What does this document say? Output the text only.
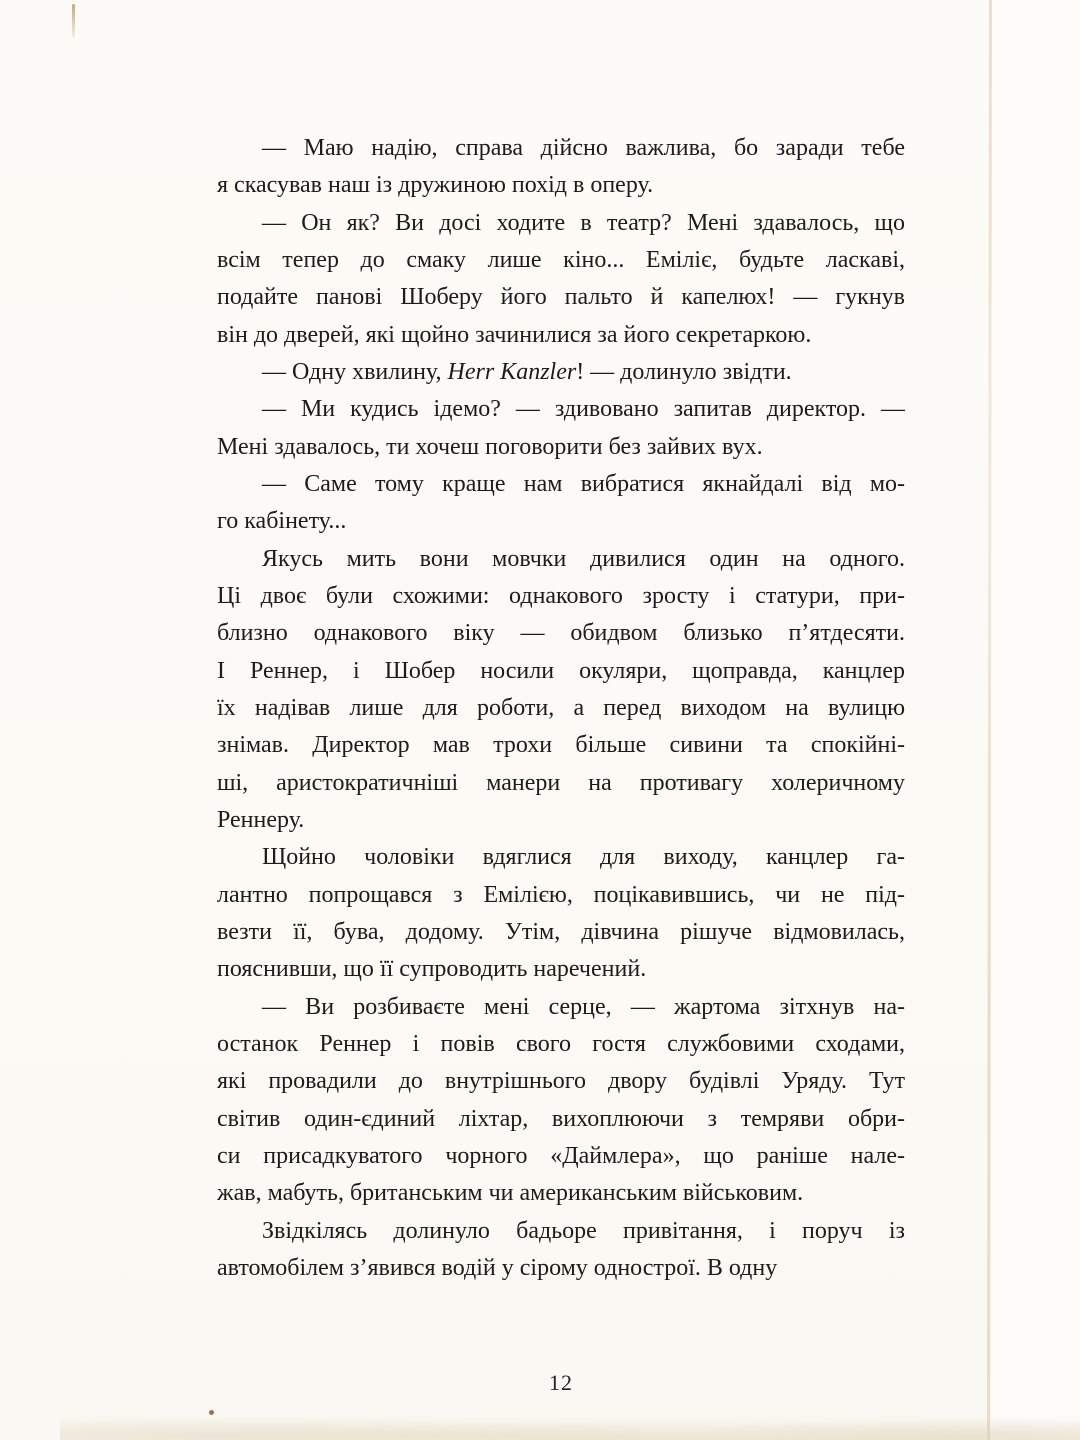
— Маю надію, справа дійсно важлива, бо заради тебе
я скасував наш із дружиною похід в оперу.
— Он як? Ви досі ходите в театр? Мені здавалось, що
всім тепер до смаку лише кіно... Еміліє, будьте ласкаві,
подайте панові Шоберу його пальто й капелюх! — гукнув
він до дверей, які щойно зачинилися за його секретаркою.
— Одну хвилину, Herr Kanzler! — долинуло звідти.
— Ми кудись ідемо? — здивовано запитав директор. —
Мені здавалось, ти хочеш поговорити без зайвих вух.
— Саме тому краще нам вибратися якнайдалі від мо-
го кабінету...
Якусь мить вони мовчки дивилися один на одного.
Ці двоє були схожими: однакового зросту і статури, при-
близно однакового віку — обидвом близько п’ятдесяти.
І Реннер, і Шобер носили окуляри, щоправда, канцлер
їх надівав лише для роботи, а перед виходом на вулицю
знімав. Директор мав трохи більше сивини та спокійні-
ші, аристократичніші манери на противагу холеричному
Реннеру.
Щойно чоловіки вдяглися для виходу, канцлер га-
лантно попрощався з Емілією, поцікавившись, чи не під-
везти її, бува, додому. Утім, дівчина рішуче відмовилась,
пояснивши, що її супроводить наречений.
— Ви розбиваєте мені серце, — жартома зітхнув на-
останок Реннер і повів свого гостя службовими сходами,
які провадили до внутрішнього двору будівлі Уряду. Тут
світив один-єдиний ліхтар, вихоплюючи з темряви обри-
си присадкуватого чорного «Даймлера», що раніше нале-
жав, мабуть, британським чи американським військовим.
Звідкілясь долинуло бадьоре привітання, і поруч із
автомобілем з’явився водій у сірому однострої. В одну
12
